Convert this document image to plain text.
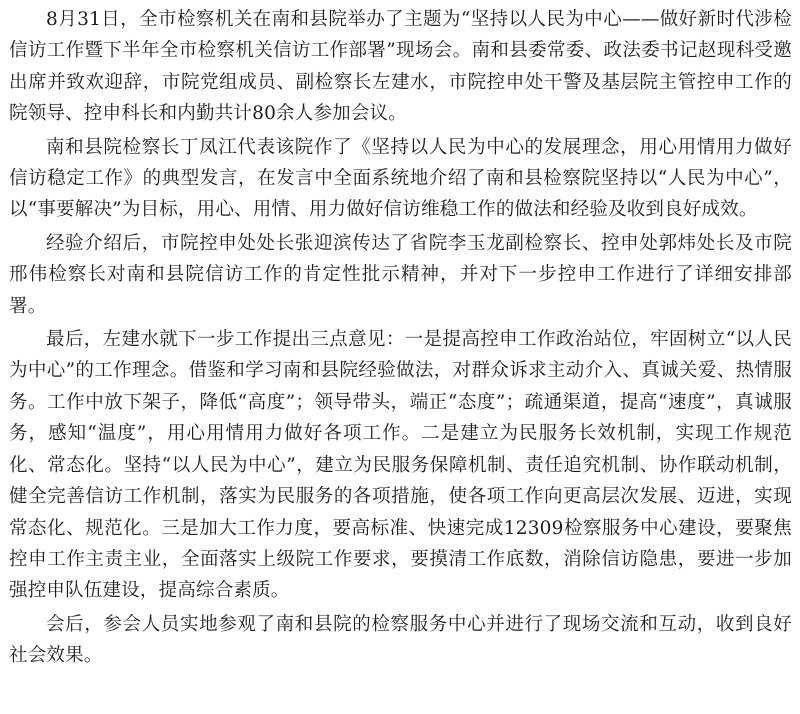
8月31日，全市检察机关在南和县院举办了主题为“坚持以人民为中心——做好新时代涉检信访工作暨下半年全市检察机关信访工作部署”现场会。南和县委常委、政法委书记赵现科受邀出席并致欢迎辞，市院党组成员、副检察长左建水，市院控申处干警及基层院主管控申工作的院领导、控申科长和内勤共计80余人参加会议。

南和县院检察长丁凤江代表该院作了《坚持以人民为中心的发展理念，用心用情用力做好信访稳定工作》的典型发言，在发言中全面系统地介绍了南和县检察院坚持以“人民为中心”，以“事要解决”为目标，用心、用情、用力做好信访维稳工作的做法和经验及收到良好成效。

经验介绍后，市院控申处处长张迎滨传达了省院李玉龙副检察长、控申处郭炜处长及市院邢伟检察长对南和县院信访工作的肯定性批示精神，并对下一步控申工作进行了详细安排部署。

最后，左建水就下一步工作提出三点意见：一是提高控申工作政治站位，牢固树立“以人民为中心”的工作理念。借鉴和学习南和县院经验做法，对群众诉求主动介入、真诚关爱、热情服务。工作中放下架子，降低“高度”；领导带头，端正“态度”；疏通渠道，提高“速度”，真诚服务，感知“温度”，用心用情用力做好各项工作。二是建立为民服务长效机制，实现工作规范化、常态化。坚持“以人民为中心”，建立为民服务保障机制、责任追究机制、协作联动机制，健全完善信访工作机制，落实为民服务的各项措施，使各项工作向更高层次发展、迈进，实现常态化、规范化。三是加大工作力度，要高标准、快速完成12309检察服务中心建设，要聚焦控申工作主责主业，全面落实上级院工作要求，要摸清工作底数，消除信访隐患，要进一步加强控申队伍建设，提高综合素质。

会后，参会人员实地参观了南和县院的检察服务中心并进行了现场交流和互动，收到良好社会效果。
